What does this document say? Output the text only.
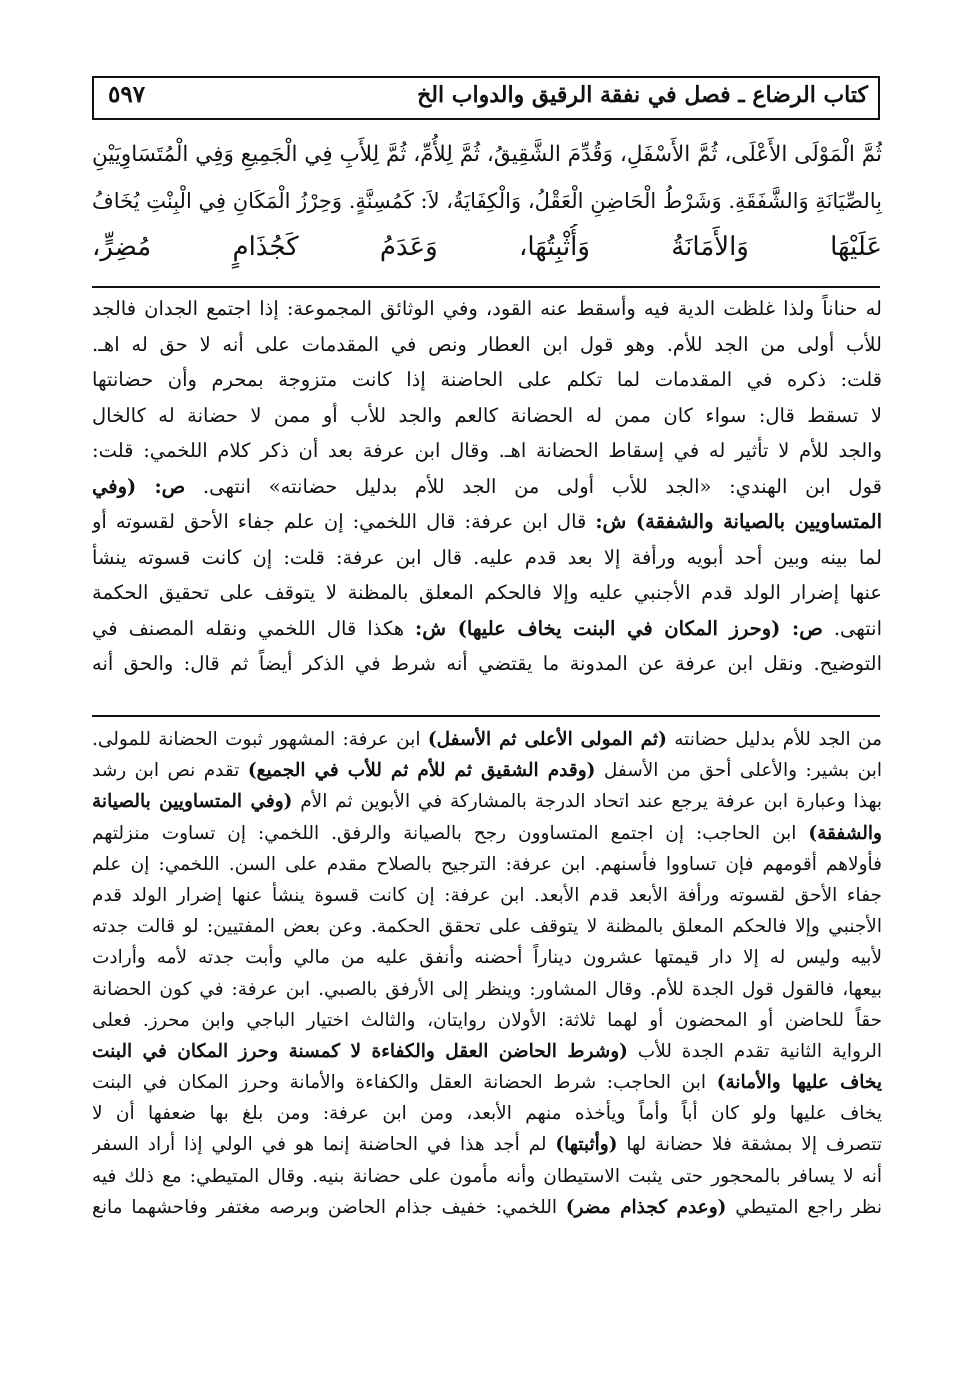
كتاب الرضاع ـ فصل في نفقة الرقيق والدواب الخ
٥٩٧
ثُمَّ الْمَوْلَى الأَعْلَى، ثُمَّ الأَسْفَلِ، وَقُدِّمَ الشَّقِيقُ، ثُمَّ لِلأُمِّ، ثُمَّ لِلأَبِ فِي الْجَمِيعِ وَفِي الْمُتَسَاوِيَيْنِ
بِالصِّيَانَةِ وَالشَّفَقَةِ. وَشَرْطُ الْحَاضِنِ الْعَقْلُ، وَالْكِفَايَةُ، لاَ: كَمُسِنَّةٍ. وَحِرْزُ الْمَكَانِ فِي الْبِنْتِ يُخَافُ
عَلَيْهَا وَالأَمَانَةُ وَأُثْبِتُهَا، وَعَدَمُ كَجُذَامٍ مُضِرٍّ،
له حناناً ولذا غلظت الدية فيه وأسقط عنه القود، وفي الوثائق المجموعة: إذا اجتمع الجدان فالجد
للأب أولى من الجد للأم. وهو قول ابن العطار ونص في المقدمات على أنه لا حق له اهـ.
قلت: ذكره في المقدمات لما تكلم على الحاضنة إذا كانت متزوجة بمحرم وأن حضانتها
لا تسقط قال: سواء كان ممن له الحضانة كالعم والجد للأب أو ممن لا حضانة له كالخال
والجد للأم لا تأثير له في إسقاط الحضانة اهـ. وقال ابن عرفة بعد أن ذكر كلام اللخمي: قلت:
قول ابن الهندي: «الجد للأب أولى من الجد للأم بدليل حضانته» انتهى. ص: (وفي
المتساويين بالصيانة والشفقة) ش: قال ابن عرفة: قال اللخمي: إن علم جفاء الأحق لقسوته أو
لما بينه وبين أحد أبويه ورأفة إلا بعد قدم عليه. قال ابن عرفة: قلت: إن كانت قسوته ينشأ
عنها إضرار الولد قدم الأجنبي عليه وإلا فالحكم المعلق بالمظنة لا يتوقف على تحقيق الحكمة
انتهى. ص: (وحرز المكان في البنت يخاف عليها) ش: هكذا قال اللخمي ونقله المصنف في
التوضيح. ونقل ابن عرفة عن المدونة ما يقتضي أنه شرط في الذكر أيضاً ثم قال: والحق أنه
من الجد للأم بدليل حضانته (ثم المولى الأعلى ثم الأسفل) ابن عرفة: المشهور ثبوت الحضانة للمولى.
ابن بشير: والأعلى أحق من الأسفل (وقدم الشقيق ثم للأم ثم للأب في الجميع) تقدم نص ابن رشد
بهذا وعبارة ابن عرفة يرجع عند اتحاد الدرجة بالمشاركة في الأبوين ثم الأم (وفي المتساويين بالصيانة
والشفقة) ابن الحاجب: إن اجتمع المتساوون رجح بالصيانة والرفق. اللخمي: إن تساوت منزلتهم
فأولاهم أقومهم فإن تساووا فأسنهم. ابن عرفة: الترجيح بالصلاح مقدم على السن. اللخمي: إن علم
جفاء الأحق لقسوته ورأفة الأبعد قدم الأبعد. ابن عرفة: إن كانت قسوة ينشأ عنها إضرار الولد قدم
الأجنبي وإلا فالحكم المعلق بالمظنة لا يتوقف على تحقق الحكمة. وعن بعض المفتيين: لو قالت جدته
لأبيه وليس له إلا دار قيمتها عشرون ديناراً أحضنه وأنفق عليه من مالي وأبت جدته لأمه وأرادت
بيعها، فالقول قول الجدة للأم. وقال المشاور: وينظر إلى الأرفق بالصبي. ابن عرفة: في كون الحضانة
حقاً للحاضن أو المحضون أو لهما ثلاثة: الأولان روايتان، والثالث اختيار الباجي وابن محرز. فعلى
الرواية الثانية تقدم الجدة للأب (وشرط الحاضن العقل والكفاءة لا كمسنة وحرز المكان في البنت
يخاف عليها والأمانة) ابن الحاجب: شرط الحضانة العقل والكفاءة والأمانة وحرز المكان في البنت
يخاف عليها ولو كان أباً وأماً ويأخذه منهم الأبعد، ومن ابن عرفة: ومن بلغ بها ضعفها أن لا
تتصرف إلا بمشقة فلا حضانة لها (وأثبتها) لم أجد هذا في الحاضنة إنما هو في الولي إذا أراد السفر
أنه لا يسافر بالمحجور حتى يثبت الاستيطان وأنه مأمون على حضانة بنيه. وقال المتيطي: مع ذلك فيه
نظر راجع المتيطي (وعدم كجذام مضر) اللخمي: خفيف جذام الحاضن وبرصه مغتفر وفاحشهما مانع
